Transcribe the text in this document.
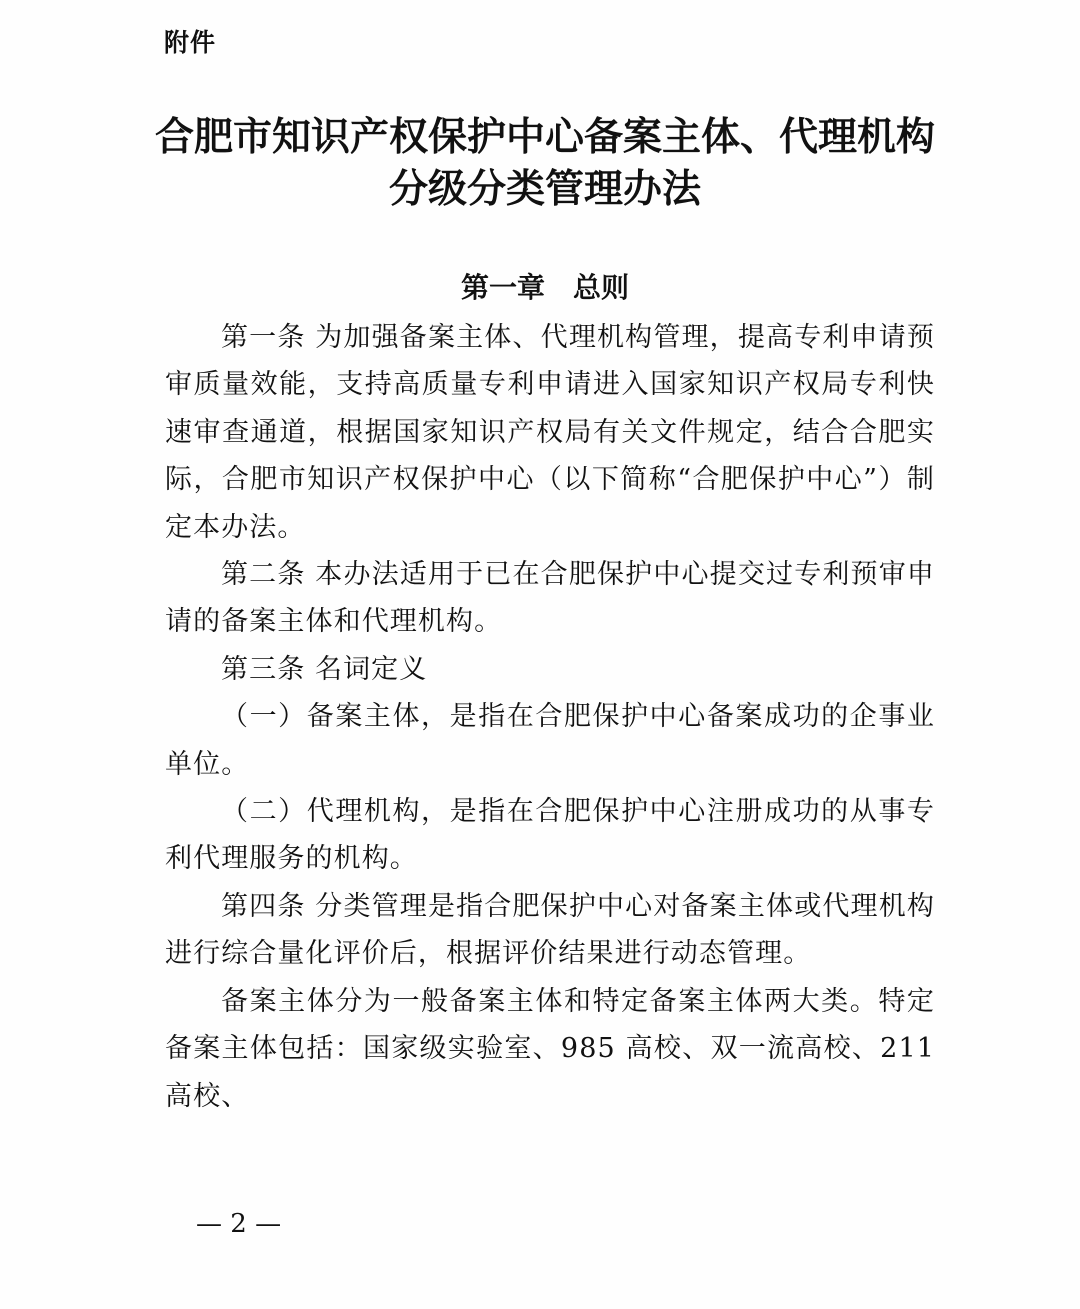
附件
合肥市知识产权保护中心备案主体、代理机构
分级分类管理办法
第一章　总则

第一条 为加强备案主体、代理机构管理，提高专利申请预审质量效能，支持高质量专利申请进入国家知识产权局专利快速审查通道，根据国家知识产权局有关文件规定，结合合肥实际，合肥市知识产权保护中心（以下简称“合肥保护中心”）制定本办法。

第二条 本办法适用于已在合肥保护中心提交过专利预审申请的备案主体和代理机构。

第三条 名词定义

（一）备案主体，是指在合肥保护中心备案成功的企事业单位。

（二）代理机构，是指在合肥保护中心注册成功的从事专利代理服务的机构。

第四条 分类管理是指合肥保护中心对备案主体或代理机构进行综合量化评价后，根据评价结果进行动态管理。

备案主体分为一般备案主体和特定备案主体两大类。特定备案主体包括：国家级实验室、985 高校、双一流高校、211 高校、

— 2 —
